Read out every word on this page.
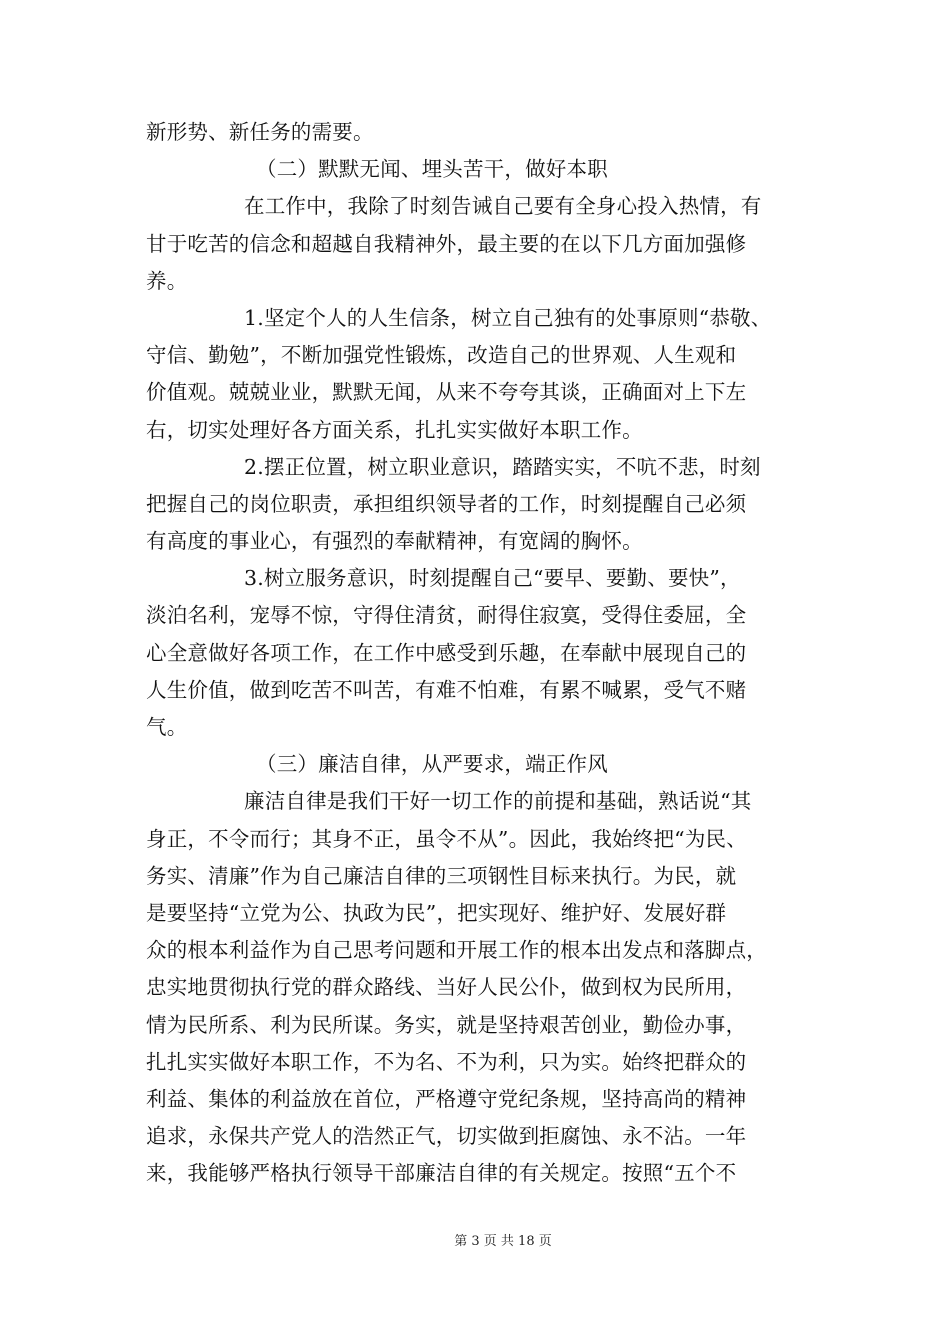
新形势、新任务的需要。
（二）默默无闻、埋头苦干，做好本职
在工作中，我除了时刻告诫自己要有全身心投入热情，有
甘于吃苦的信念和超越自我精神外，最主要的在以下几方面加强修
养。
1.坚定个人的人生信条，树立自己独有的处事原则“恭敬、
守信、勤勉”，不断加强党性锻炼，改造自己的世界观、人生观和
价值观。兢兢业业，默默无闻，从来不夸夸其谈，正确面对上下左
右，切实处理好各方面关系，扎扎实实做好本职工作。
2.摆正位置，树立职业意识，踏踏实实，不吭不悲，时刻
把握自己的岗位职责，承担组织领导者的工作，时刻提醒自己必须
有高度的事业心，有强烈的奉献精神，有宽阔的胸怀。
3.树立服务意识，时刻提醒自己“要早、要勤、要快”，
淡泊名利，宠辱不惊，守得住清贫，耐得住寂寞，受得住委屈，全
心全意做好各项工作，在工作中感受到乐趣，在奉献中展现自己的
人生价值，做到吃苦不叫苦，有难不怕难，有累不喊累，受气不赌
气。
（三）廉洁自律，从严要求，端正作风
廉洁自律是我们干好一切工作的前提和基础，熟话说“其
身正，不令而行；其身不正，虽令不从”。因此，我始终把“为民、
务实、清廉”作为自己廉洁自律的三项钢性目标来执行。为民，就
是要坚持“立党为公、执政为民”，把实现好、维护好、发展好群
众的根本利益作为自己思考问题和开展工作的根本出发点和落脚点，
忠实地贯彻执行党的群众路线、当好人民公仆，做到权为民所用，
情为民所系、利为民所谋。务实，就是坚持艰苦创业，勤俭办事，
扎扎实实做好本职工作，不为名、不为利，只为实。始终把群众的
利益、集体的利益放在首位，严格遵守党纪条规，坚持高尚的精神
追求，永保共产党人的浩然正气，切实做到拒腐蚀、永不沾。一年
来，我能够严格执行领导干部廉洁自律的有关规定。按照“五个不
第 3 页 共 18 页
